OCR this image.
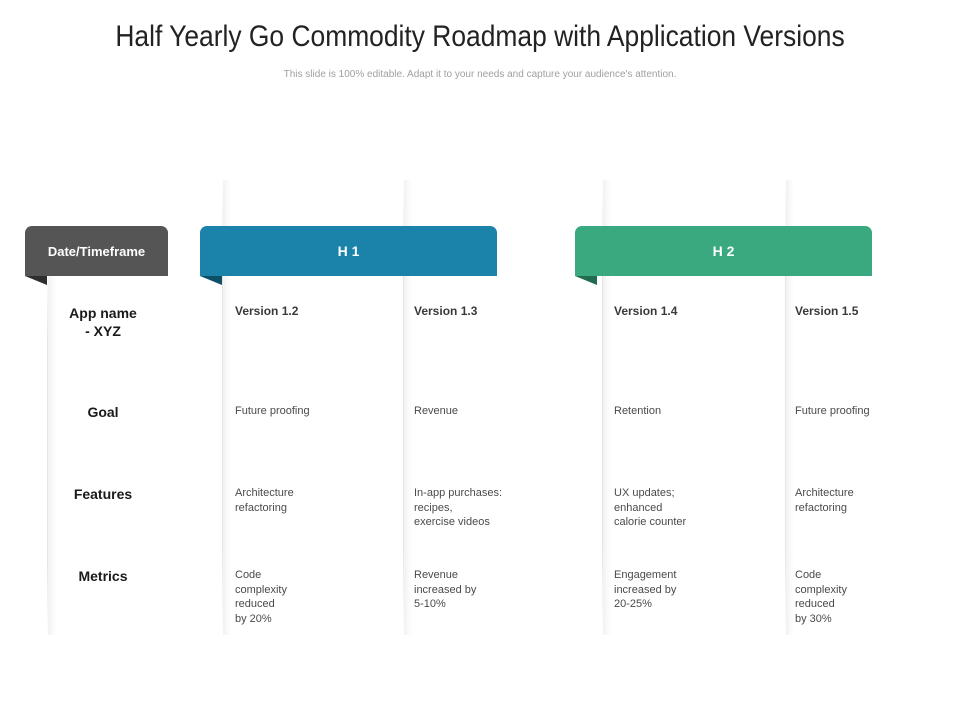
Half Yearly Go Commodity Roadmap with Application Versions
This slide is 100% editable. Adapt it to your needs and capture your audience's attention.
Date/Timeframe	H 1	H 2
App name
- XYZ
Goal
Features
Metrics
Version 1.2
Future proofing
Architecture
refactoring
Code
complexity
reduced
by 20%
Version 1.3
Revenue
In-app purchases:
recipes,
exercise videos
Revenue
increased by
5-10%
Version 1.4
Retention
UX updates;
enhanced
calorie counter
Engagement
increased by
20-25%
Version 1.5
Future proofing
Architecture
refactoring
Code
complexity
reduced
by 30%
